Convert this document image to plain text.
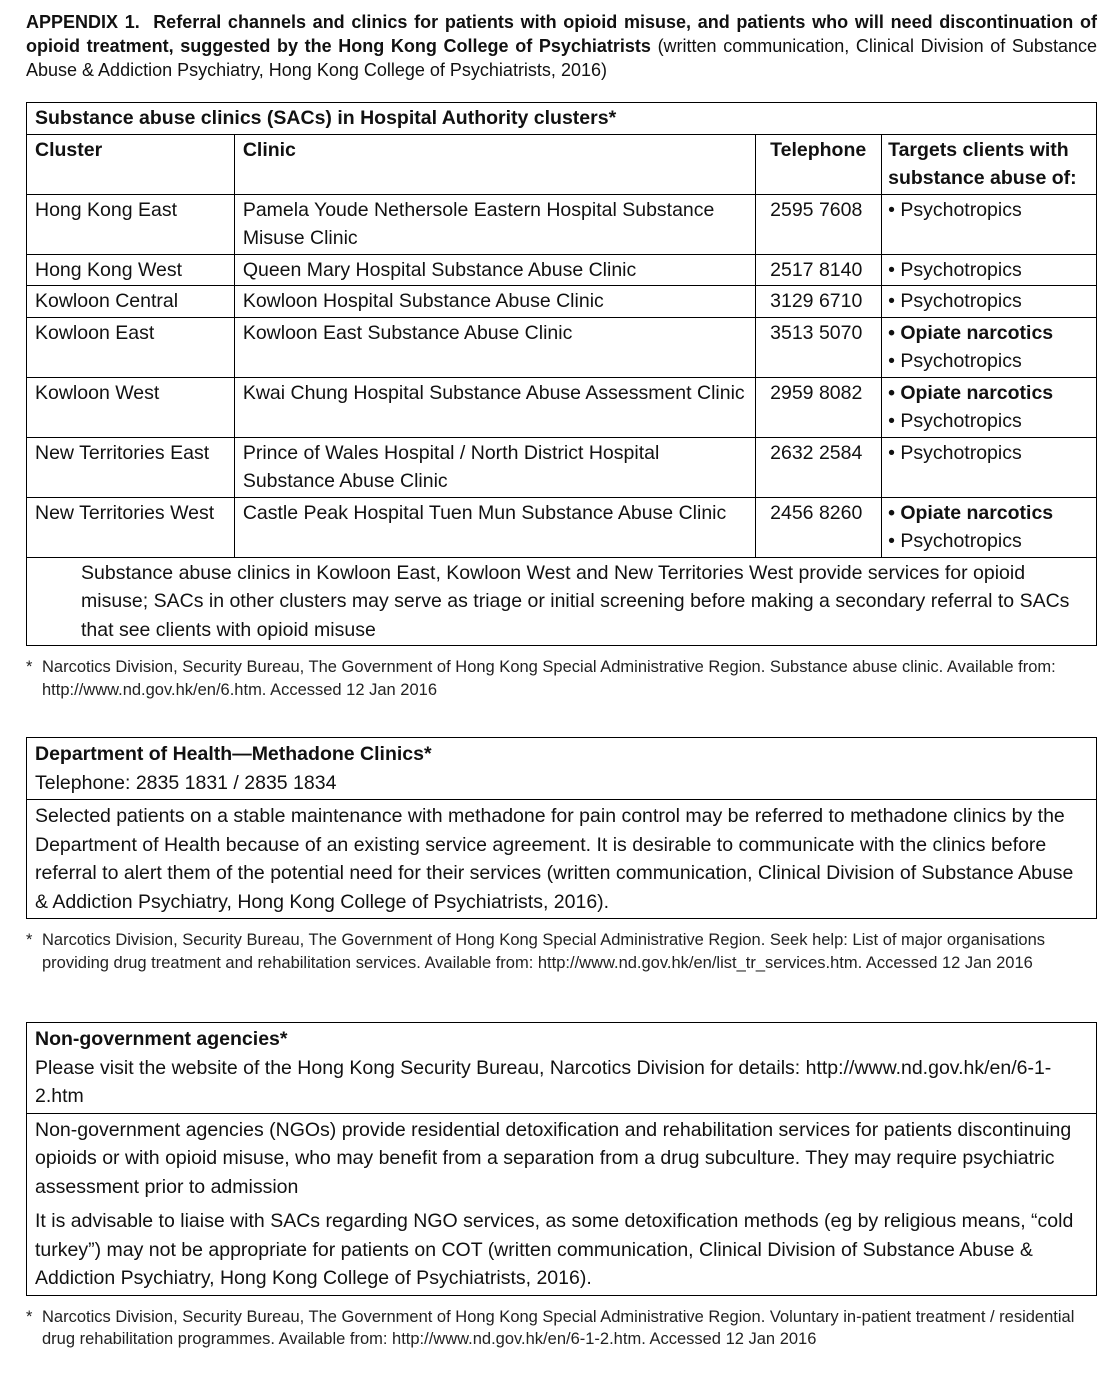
APPENDIX 1. Referral channels and clinics for patients with opioid misuse, and patients who will need discontinuation of opioid treatment, suggested by the Hong Kong College of Psychiatrists (written communication, Clinical Division of Substance Abuse & Addiction Psychiatry, Hong Kong College of Psychiatrists, 2016)

Substance abuse clinics (SACs) in Hospital Authority clusters*			
Cluster	Clinic	Telephone	Targets clients with substance abuse of:
Hong Kong East	Pamela Youde Nethersole Eastern Hospital Substance Misuse Clinic	2595 7608	• Psychotropics

Hong Kong West	Queen Mary Hospital Substance Abuse Clinic	2517 8140	• Psychotropics

Kowloon Central	Kowloon Hospital Substance Abuse Clinic	3129 6710	• Psychotropics

Kowloon East	Kowloon East Substance Abuse Clinic	3513 5070	• Opiate narcotics
• Psychotropics

Kowloon West	Kwai Chung Hospital Substance Abuse Assessment Clinic	2959 8082	• Opiate narcotics
• Psychotropics

New Territories East	Prince of Wales Hospital / North District Hospital Substance Abuse Clinic	2632 2584	• Psychotropics

New Territories West	Castle Peak Hospital Tuen Mun Substance Abuse Clinic	2456 8260	• Opiate narcotics
• Psychotropics

Substance abuse clinics in Kowloon East, Kowloon West and New Territories West provide services for opioid misuse; SACs in other clusters may serve as triage or initial screening before making a secondary referral to SACs that see clients with opioid misuse			

* Narcotics Division, Security Bureau, The Government of Hong Kong Special Administrative Region. Substance abuse clinic. Available from: http://www.nd.gov.hk/en/6.htm. Accessed 12 Jan 2016

Department of Health—Methadone Clinics*
Telephone: 2835 1831 / 2835 1834

Selected patients on a stable maintenance with methadone for pain control may be referred to methadone clinics by the Department of Health because of an existing service agreement. It is desirable to communicate with the clinics before referral to alert them of the potential need for their services (written communication, Clinical Division of Substance Abuse & Addiction Psychiatry, Hong Kong College of Psychiatrists, 2016).

* Narcotics Division, Security Bureau, The Government of Hong Kong Special Administrative Region. Seek help: List of major organisations providing drug treatment and rehabilitation services. Available from: http://www.nd.gov.hk/en/list_tr_services.htm. Accessed 12 Jan 2016

Non-government agencies*
Please visit the website of the Hong Kong Security Bureau, Narcotics Division for details: http://www.nd.gov.hk/en/6-1-2.htm

Non-government agencies (NGOs) provide residential detoxification and rehabilitation services for patients discontinuing opioids or with opioid misuse, who may benefit from a separation from a drug subculture. They may require psychiatric assessment prior to admission

It is advisable to liaise with SACs regarding NGO services, as some detoxification methods (eg by religious means, “cold turkey”) may not be appropriate for patients on COT (written communication, Clinical Division of Substance Abuse & Addiction Psychiatry, Hong Kong College of Psychiatrists, 2016).

* Narcotics Division, Security Bureau, The Government of Hong Kong Special Administrative Region. Voluntary in-patient treatment / residential drug rehabilitation programmes. Available from: http://www.nd.gov.hk/en/6-1-2.htm. Accessed 12 Jan 2016
